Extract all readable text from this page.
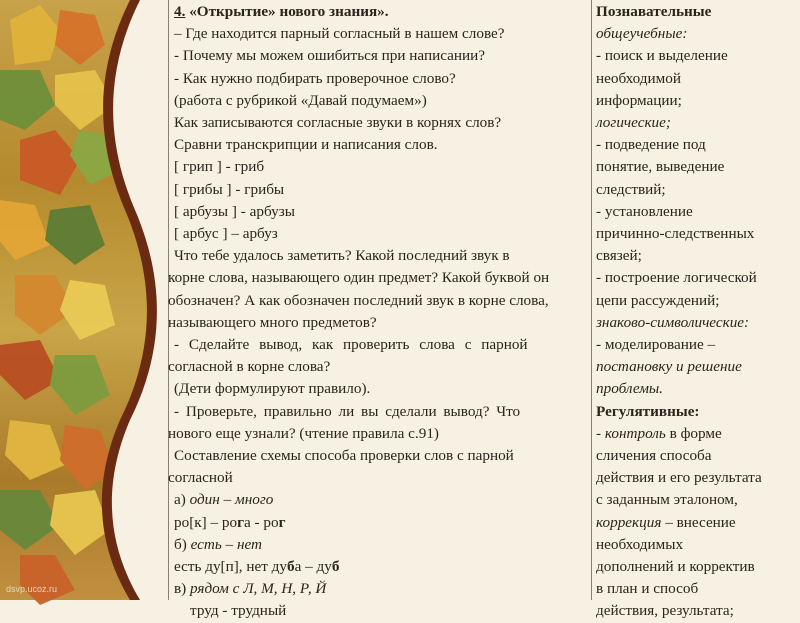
dsvp.ucoz.ru
4. «Открытие» нового знания».
– Где находится парный согласный в нашем слове?
- Почему мы можем ошибиться при написании?
- Как нужно подбирать проверочное слово?
(работа с рубрикой «Давай подумаем»)
Как записываются согласные звуки в корнях слов?
Сравни транскрипции и написания слов.
[ грип ] - гриб
[ грибы ] - грибы
[ арбузы ] - арбузы
[ арбус ] – арбуз
Что тебе удалось заметить? Какой последний звук в
корне слова, называющего один предмет? Какой буквой он
обозначен? А как обозначен последний звук в корне слова,
называющего много предметов?
- Сделайте вывод, как проверить слова с парной
согласной в корне слова?
(Дети формулируют правило).
- Проверьте, правильно ли вы сделали вывод? Что
нового еще узнали? (чтение правила с.91)
Составление схемы способа проверки слов с парной
согласной
а) один – много
ро[к] – рога - рог
б) есть – нет
есть ду[п], нет дуба – дуб
в) рядом с Л, М, Н, Р, Й
труд - трудный
Познавательные
общеучебные:
- поиск и выделение
необходимой
информации;
логические;
- подведение под
понятие, выведение
следствий;
- установление
причинно-следственных
связей;
- построение логической
цепи рассуждений;
знаково-символические:
- моделирование –
постановку и решение
проблемы.
Регулятивные:
- контроль в форме
сличения способа
действия и его результата
с заданным эталоном,
коррекция – внесение
необходимых
дополнений и корректив
в план и способ
действия, результата;
